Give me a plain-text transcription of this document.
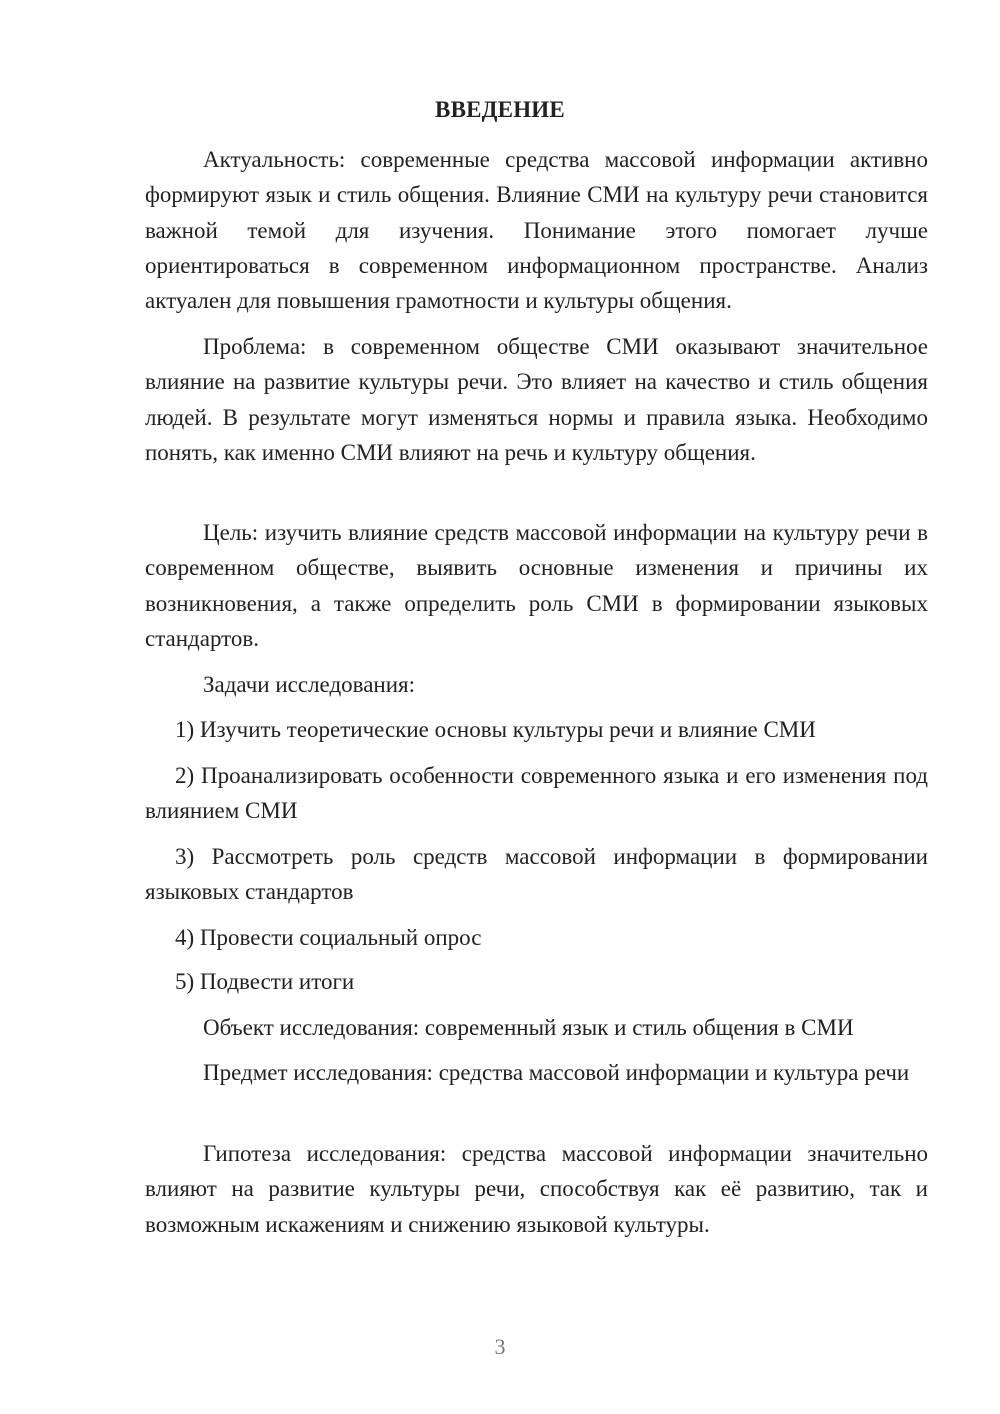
ВВЕДЕНИЕ

Актуальность: современные средства массовой информации активно формируют язык и стиль общения. Влияние СМИ на культуру речи становится важной темой для изучения. Понимание этого помогает лучше ориентироваться в современном информационном пространстве. Анализ актуален для повышения грамотности и культуры общения.

Проблема: в современном обществе СМИ оказывают значительное влияние на развитие культуры речи. Это влияет на качество и стиль общения людей. В результате могут изменяться нормы и правила языка. Необходимо понять, как именно СМИ влияют на речь и культуру общения.

Цель: изучить влияние средств массовой информации на культуру речи в современном обществе, выявить основные изменения и причины их возникновения, а также определить роль СМИ в формировании языковых стандартов.

Задачи исследования:

1) Изучить теоретические основы культуры речи и влияние СМИ

2) Проанализировать особенности современного языка и его изменения под влиянием СМИ

3) Рассмотреть роль средств массовой информации в формировании языковых стандартов

4) Провести социальный опрос

5) Подвести итоги

Объект исследования: современный язык и стиль общения в СМИ

Предмет исследования: средства массовой информации и культура речи

Гипотеза исследования: средства массовой информации значительно влияют на развитие культуры речи, способствуя как её развитию, так и возможным искажениям и снижению языковой культуры.

3
